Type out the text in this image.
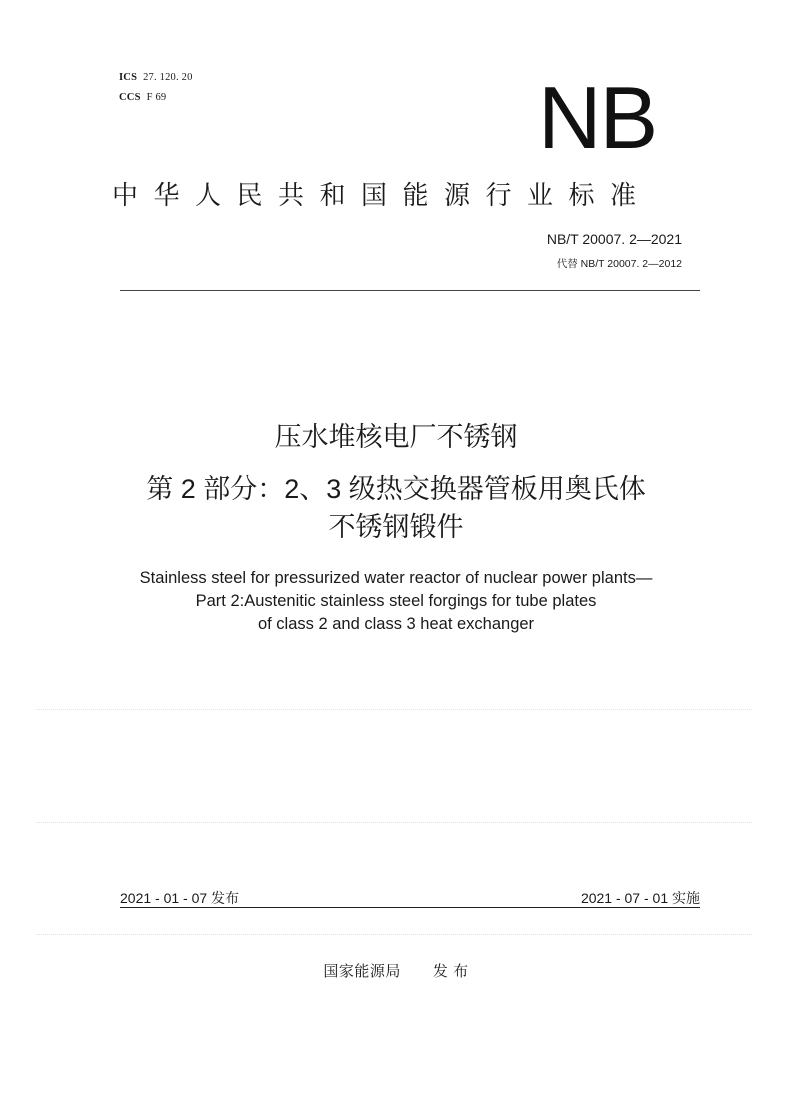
ICS 27. 120. 20
CCS F 69	NB
中华人民共和国能源行业标准
NB/T 20007. 2—2021
代替 NB/T 20007. 2—2012
压水堆核电厂不锈钢
第 2 部分：2、3 级热交换器管板用奥氏体
不锈钢锻件
Stainless steel for pressurized water reactor of nuclear power plants—
Part 2:Austenitic stainless steel forgings for tube plates
of class 2 and class 3 heat exchanger
2021 - 01 - 07 发布	2021 - 07 - 01 实施
国家能源局 发 布
